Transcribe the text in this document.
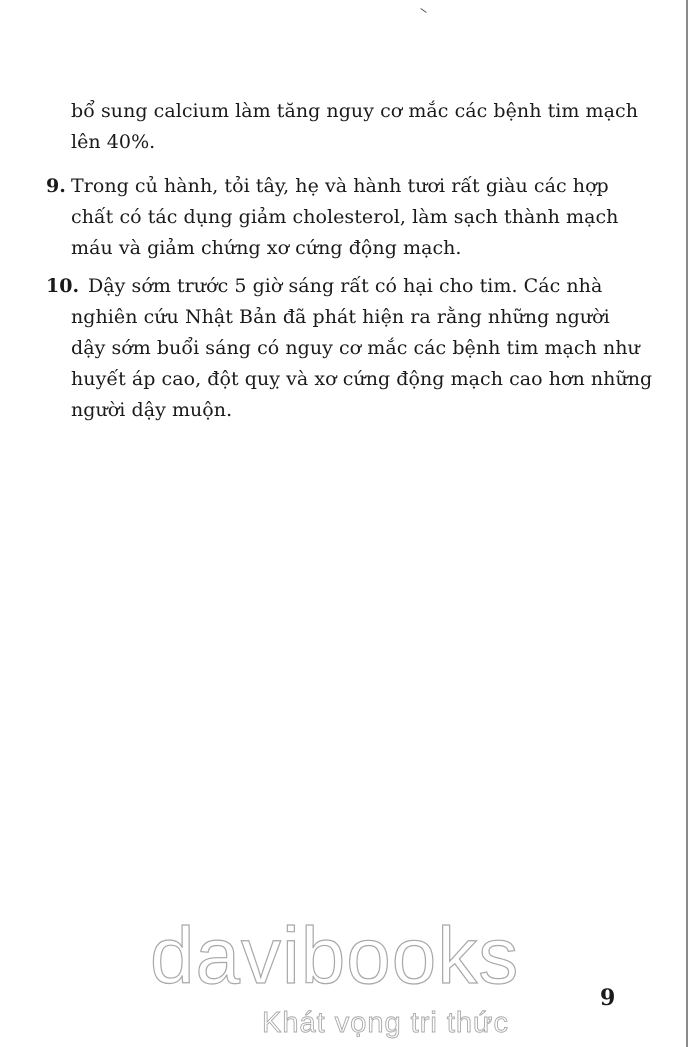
bổ sung calcium làm tăng nguy cơ mắc các bệnh tim mạch
lên 40%.
9. Trong củ hành, tỏi tây, hẹ và hành tươi rất giàu các hợp
chất có tác dụng giảm cholesterol, làm sạch thành mạch
máu và giảm chứng xơ cứng động mạch.
10. Dậy sớm trước 5 giờ sáng rất có hại cho tim. Các nhà
nghiên cứu Nhật Bản đã phát hiện ra rằng những người
dậy sớm buổi sáng có nguy cơ mắc các bệnh tim mạch như
huyết áp cao, đột quỵ và xơ cứng động mạch cao hơn những
người dậy muộn.
davibooks
Khát vọng tri thức
9
